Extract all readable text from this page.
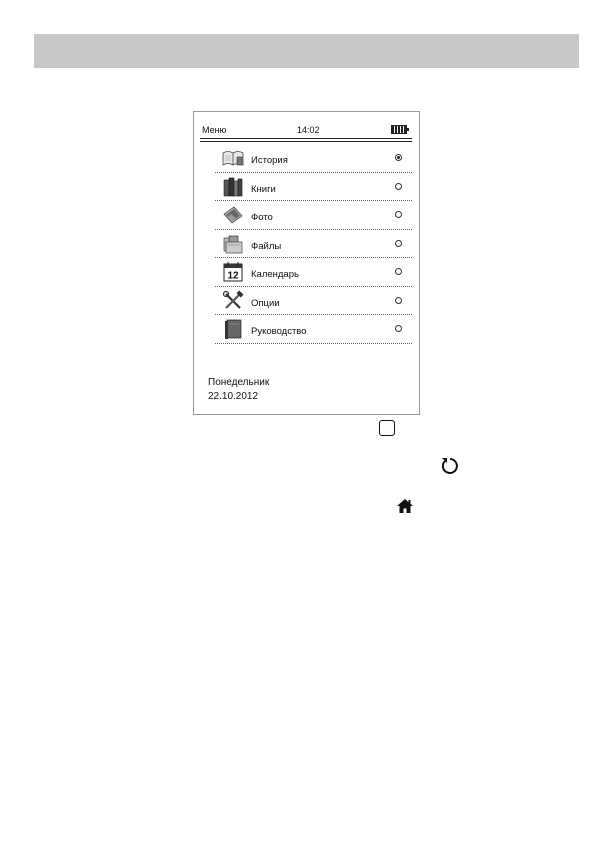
Меню	14:02
История
Книги
Фото
Файлы
12 Календарь
Опции
Руководство
Понедельник
22.10.2012
